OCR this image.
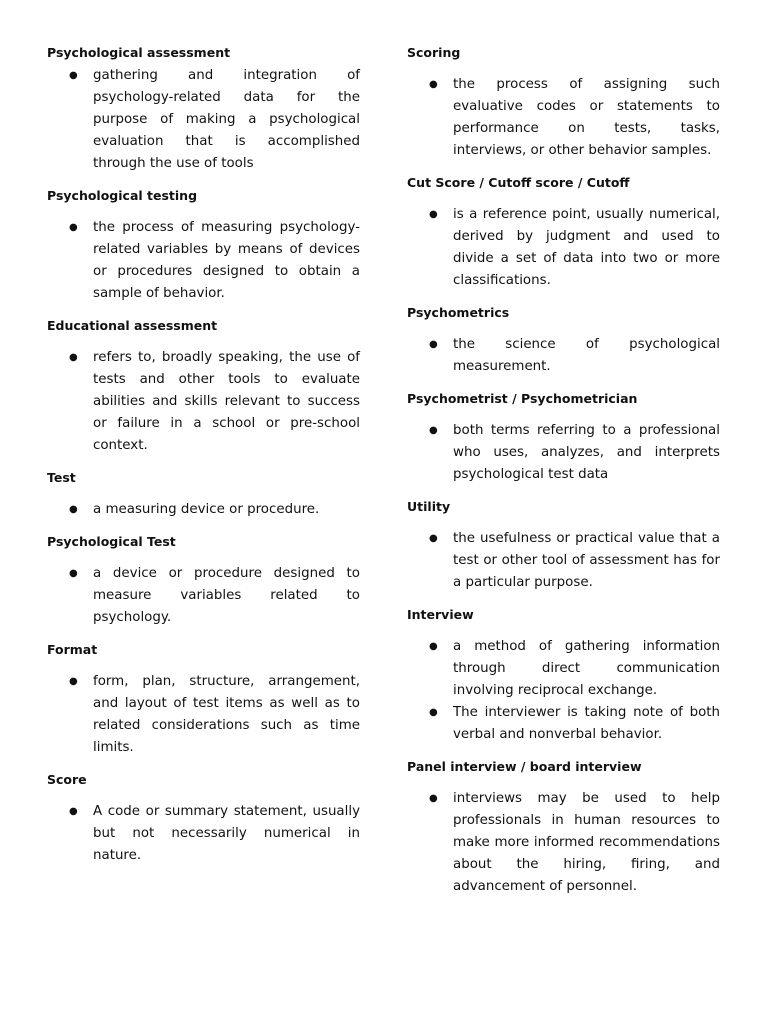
Psychological assessment
● gathering and integration of psychology-related data for the purpose of making a psychological evaluation that is accomplished through the use of tools
Psychological testing
● the process of measuring psychology-related variables by means of devices or procedures designed to obtain a sample of behavior.
Educational assessment
● refers to, broadly speaking, the use of tests and other tools to evaluate abilities and skills relevant to success or failure in a school or pre-school context.
Test
● a measuring device or procedure.
Psychological Test
● a device or procedure designed to measure variables related to psychology.
Format
● form, plan, structure, arrangement, and layout of test items as well as to related considerations such as time limits.
Score
● A code or summary statement, usually but not necessarily numerical in nature.
Scoring
● the process of assigning such evaluative codes or statements to performance on tests, tasks, interviews, or other behavior samples.
Cut Score / Cutoff score / Cutoff
● is a reference point, usually numerical, derived by judgment and used to divide a set of data into two or more classifications.
Psychometrics
● the science of psychological measurement.
Psychometrist / Psychometrician
● both terms referring to a professional who uses, analyzes, and interprets psychological test data
Utility
● the usefulness or practical value that a test or other tool of assessment has for a particular purpose.
Interview
● a method of gathering information through direct communication involving reciprocal exchange.
● The interviewer is taking note of both verbal and nonverbal behavior.
Panel interview / board interview
● interviews may be used to help professionals in human resources to make more informed recommendations about the hiring, firing, and advancement of personnel.
